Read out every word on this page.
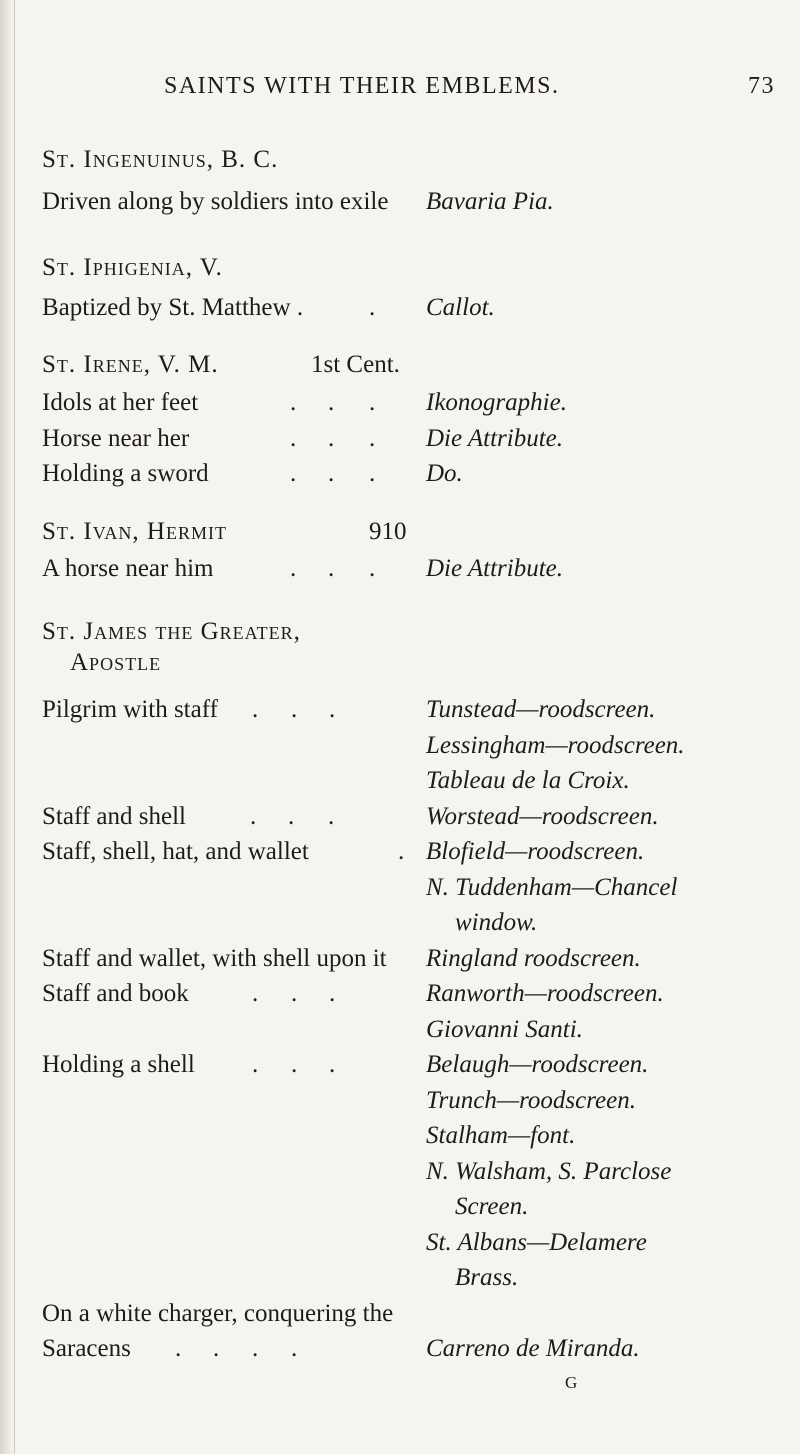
SAINTS WITH THEIR EMBLEMS.	73
St. Ingenuinus, B. C.
Driven along by soldiers into exile Bavaria Pia.
St. Iphigenia, V.
Baptized by St. Matthew .	. Callot.
St. Irene, V. M.	1st Cent.
Idols at her feet	. . . Ikonographie.
Horse near her	. . . Die Attribute.
Holding a sword	. . . Do.
St. Ivan, Hermit	910
A horse near him	. . . Die Attribute.
St. James the Greater,
Apostle
Pilgrim with staff . . .	Tunstead—roodscreen.
Lessingham—roodscreen.
Tableau de la Croix.
Staff and shell	. . .	Worstead—roodscreen.
Staff, shell, hat, and wallet	. Blofield—roodscreen.
N. Tuddenham—Chancel
window.
Staff and wallet, with shell upon it Ringland roodscreen.
Staff and book	. . .	Ranworth—roodscreen.
Giovanni Santi.
Holding a shell . . .	Belaugh—roodscreen.
Trunch—roodscreen.
Stalham—font.
N. Walsham, S. Parclose
Screen.
St. Albans—Delamere
Brass.
On a white charger, conquering the
Saracens . . . .	Carreno de Miranda.
G
